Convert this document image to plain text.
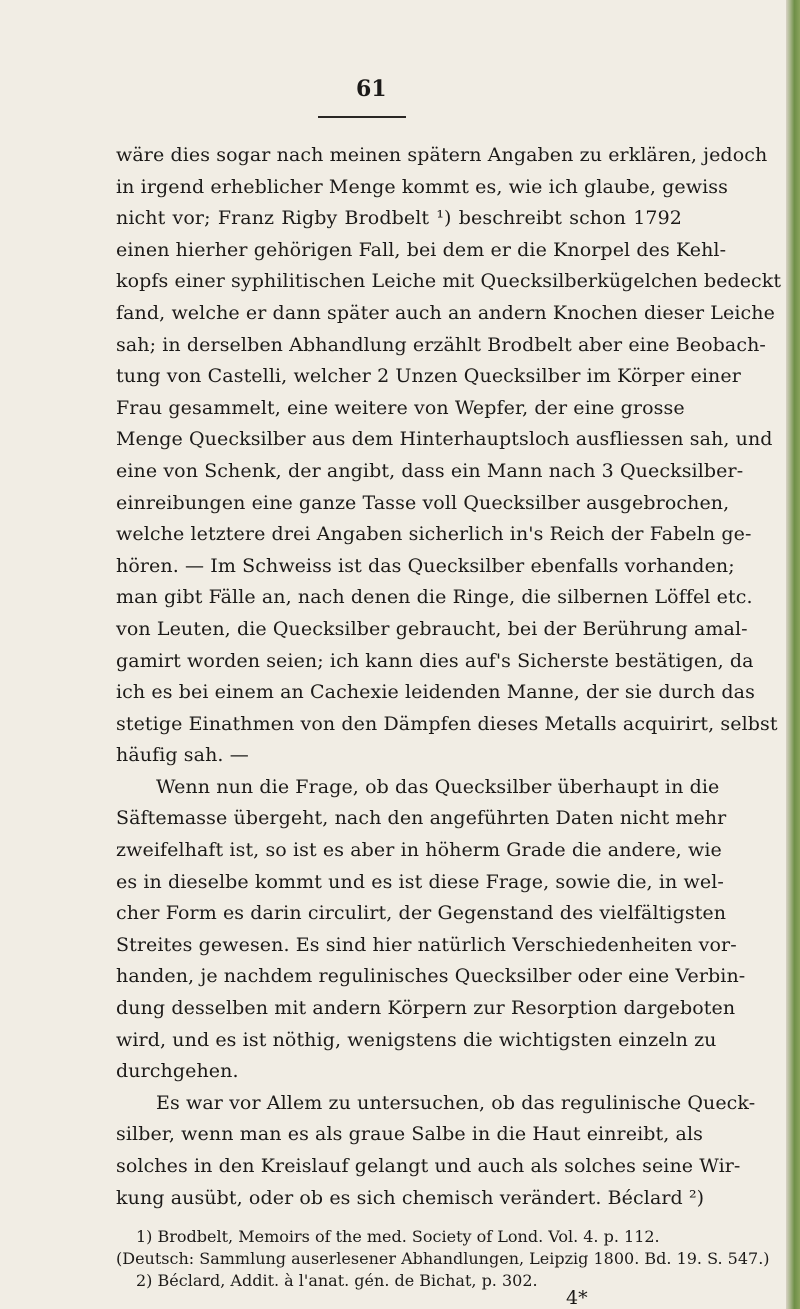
61
wäre dies sogar nach meinen spätern Angaben zu erklären, jedoch
in irgend erheblicher Menge kommt es, wie ich glaube, gewiss
nicht vor; Franz Rigby Brodbelt ¹) beschreibt schon 1792
einen hierher gehörigen Fall, bei dem er die Knorpel des Kehl-
kopfs einer syphilitischen Leiche mit Quecksilberkügelchen bedeckt
fand, welche er dann später auch an andern Knochen dieser Leiche
sah; in derselben Abhandlung erzählt Brodbelt aber eine Beobach-
tung von Castelli, welcher 2 Unzen Quecksilber im Körper einer
Frau gesammelt, eine weitere von Wepfer, der eine grosse
Menge Quecksilber aus dem Hinterhauptsloch ausfliessen sah, und
eine von Schenk, der angibt, dass ein Mann nach 3 Quecksilber-
einreibungen eine ganze Tasse voll Quecksilber ausgebrochen,
welche letztere drei Angaben sicherlich in's Reich der Fabeln ge-
hören. — Im Schweiss ist das Quecksilber ebenfalls vorhanden;
man gibt Fälle an, nach denen die Ringe, die silbernen Löffel etc.
von Leuten, die Quecksilber gebraucht, bei der Berührung amal-
gamirt worden seien; ich kann dies auf's Sicherste bestätigen, da
ich es bei einem an Cachexie leidenden Manne, der sie durch das
stetige Einathmen von den Dämpfen dieses Metalls acquirirt, selbst
häufig sah. —
Wenn nun die Frage, ob das Quecksilber überhaupt in die
Säftemasse übergeht, nach den angeführten Daten nicht mehr
zweifelhaft ist, so ist es aber in höherm Grade die andere, wie
es in dieselbe kommt und es ist diese Frage, sowie die, in wel-
cher Form es darin circulirt, der Gegenstand des vielfältigsten
Streites gewesen. Es sind hier natürlich Verschiedenheiten vor-
handen, je nachdem regulinisches Quecksilber oder eine Verbin-
dung desselben mit andern Körpern zur Resorption dargeboten
wird, und es ist nöthig, wenigstens die wichtigsten einzeln zu
durchgehen.
Es war vor Allem zu untersuchen, ob das regulinische Queck-
silber, wenn man es als graue Salbe in die Haut einreibt, als
solches in den Kreislauf gelangt und auch als solches seine Wir-
kung ausübt, oder ob es sich chemisch verändert. Béclard ²)
1) Brodbelt, Memoirs of the med. Society of Lond. Vol. 4. p. 112.
(Deutsch: Sammlung auserlesener Abhandlungen, Leipzig 1800. Bd. 19. S. 547.)
2) Béclard, Addit. à l'anat. gén. de Bichat, p. 302.
4*
